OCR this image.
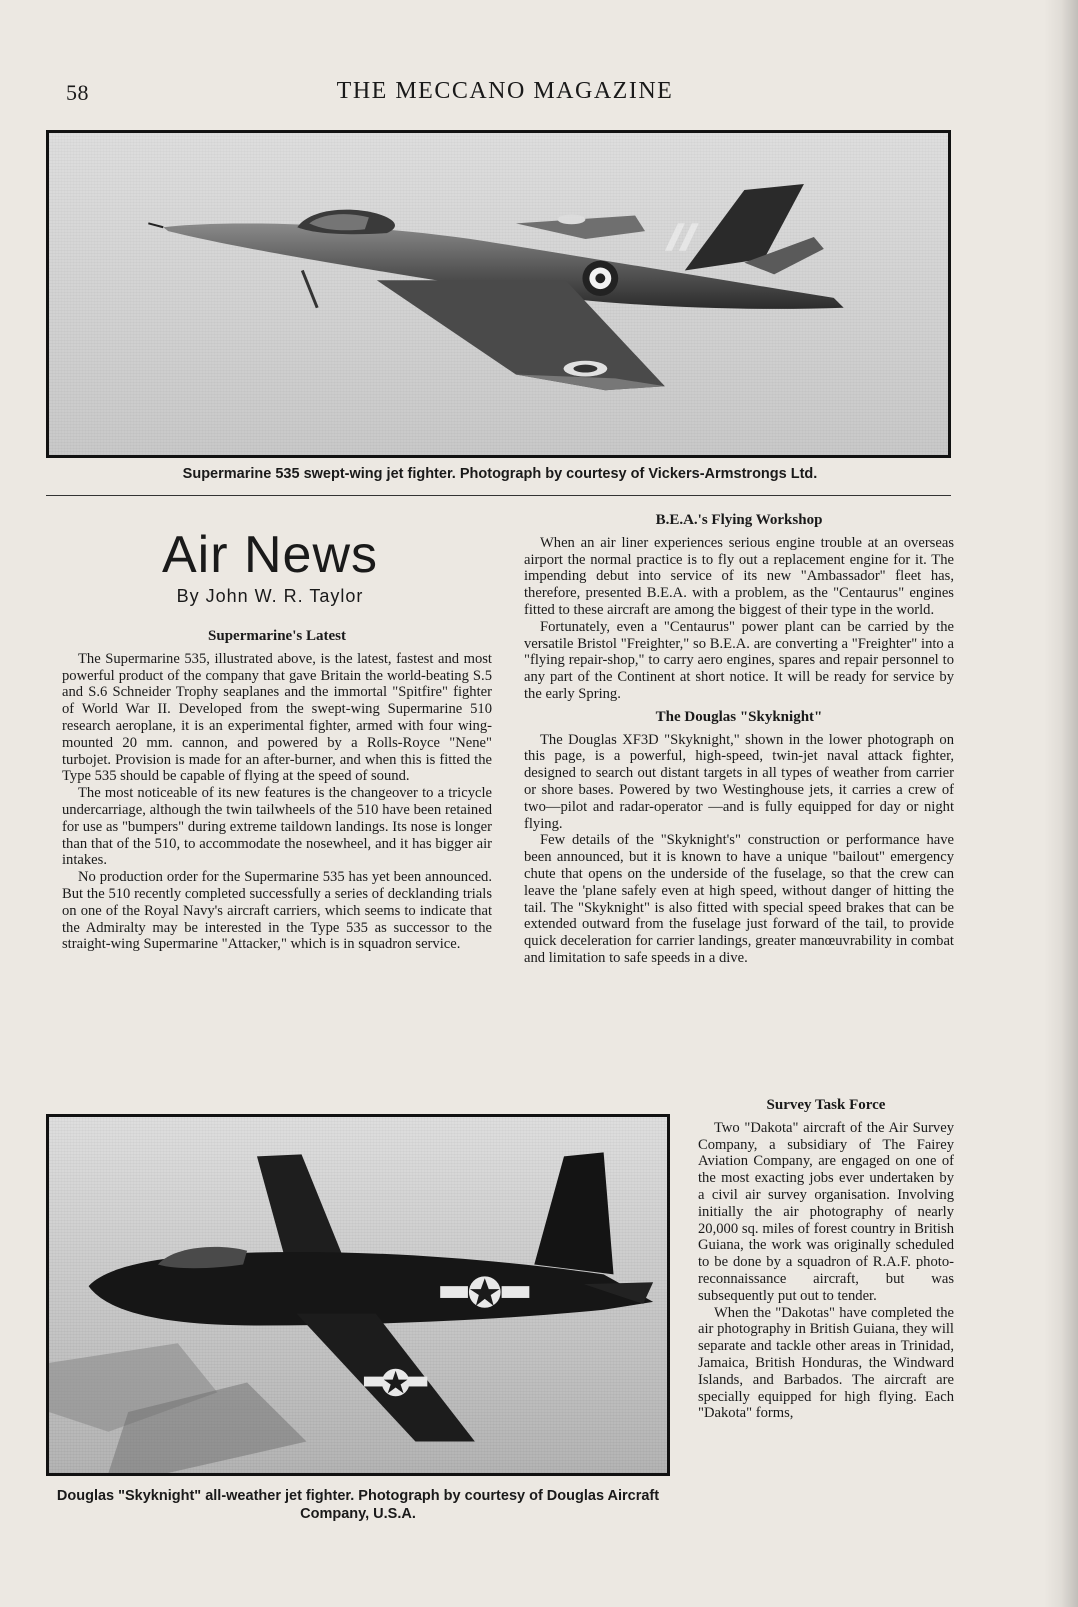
58	THE MECCANO MAGAZINE
Supermarine 535 swept-wing jet fighter. Photograph by courtesy of Vickers-Armstrongs Ltd.
Air News
By John W. R. Taylor
Supermarine's Latest

The Supermarine 535, illustrated above, is the latest, fastest and most powerful product of the company that gave Britain the world-beating S.5 and S.6 Schneider Trophy seaplanes and the immortal "Spitfire" fighter of World War II. Developed from the swept-wing Supermarine 510 research aeroplane, it is an experimental fighter, armed with four wing-mounted 20 mm. cannon, and powered by a Rolls-Royce "Nene" turbojet. Provision is made for an after-burner, and when this is fitted the Type 535 should be capable of flying at the speed of sound.

The most noticeable of its new features is the changeover to a tricycle undercarriage, although the twin tailwheels of the 510 have been retained for use as "bumpers" during extreme taildown landings. Its nose is longer than that of the 510, to accommodate the nosewheel, and it has bigger air intakes.

No production order for the Supermarine 535 has yet been announced. But the 510 recently completed successfully a series of decklanding trials on one of the Royal Navy's aircraft carriers, which seems to indicate that the Admiralty may be interested in the Type 535 as successor to the straight-wing Supermarine "Attacker," which is in squadron service.

B.E.A.'s Flying Workshop

When an air liner experiences serious engine trouble at an overseas airport the normal practice is to fly out a replacement engine for it. The impending debut into service of its new "Ambassador" fleet has, therefore, presented B.E.A. with a problem, as the "Centaurus" engines fitted to these aircraft are among the biggest of their type in the world.

Fortunately, even a "Centaurus" power plant can be carried by the versatile Bristol "Freighter," so B.E.A. are converting a "Freighter" into a "flying repair-shop," to carry aero engines, spares and repair personnel to any part of the Continent at short notice. It will be ready for service by the early Spring.

The Douglas "Skyknight"

The Douglas XF3D "Skyknight," shown in the lower photograph on this page, is a powerful, high-speed, twin-jet naval attack fighter, designed to search out distant targets in all types of weather from carrier or shore bases. Powered by two Westinghouse jets, it carries a crew of two—pilot and radar-operator —and is fully equipped for day or night flying.

Few details of the "Skyknight's" construction or performance have been announced, but it is known to have a unique "bailout" emergency chute that opens on the underside of the fuselage, so that the crew can leave the 'plane safely even at high speed, without danger of hitting the tail. The "Skyknight" is also fitted with special speed brakes that can be extended outward from the fuselage just forward of the tail, to provide quick deceleration for carrier landings, greater manœuvrability in combat and limitation to safe speeds in a dive.

Douglas "Skyknight" all-weather jet fighter. Photograph by courtesy of Douglas Aircraft Company, U.S.A.
Survey Task Force

Two "Dakota" aircraft of the Air Survey Company, a subsidiary of The Fairey Aviation Company, are engaged on one of the most exacting jobs ever undertaken by a civil air survey organisation. Involving initially the air photography of nearly 20,000 sq. miles of forest country in British Guiana, the work was originally scheduled to be done by a squadron of R.A.F. photo-reconnaissance aircraft, but was subsequently put out to tender.

When the "Dakotas" have completed the air photography in British Guiana, they will separate and tackle other areas in Trinidad, Jamaica, British Honduras, the Windward Islands, and Barbados. The aircraft are specially equipped for high flying. Each "Dakota" forms,
